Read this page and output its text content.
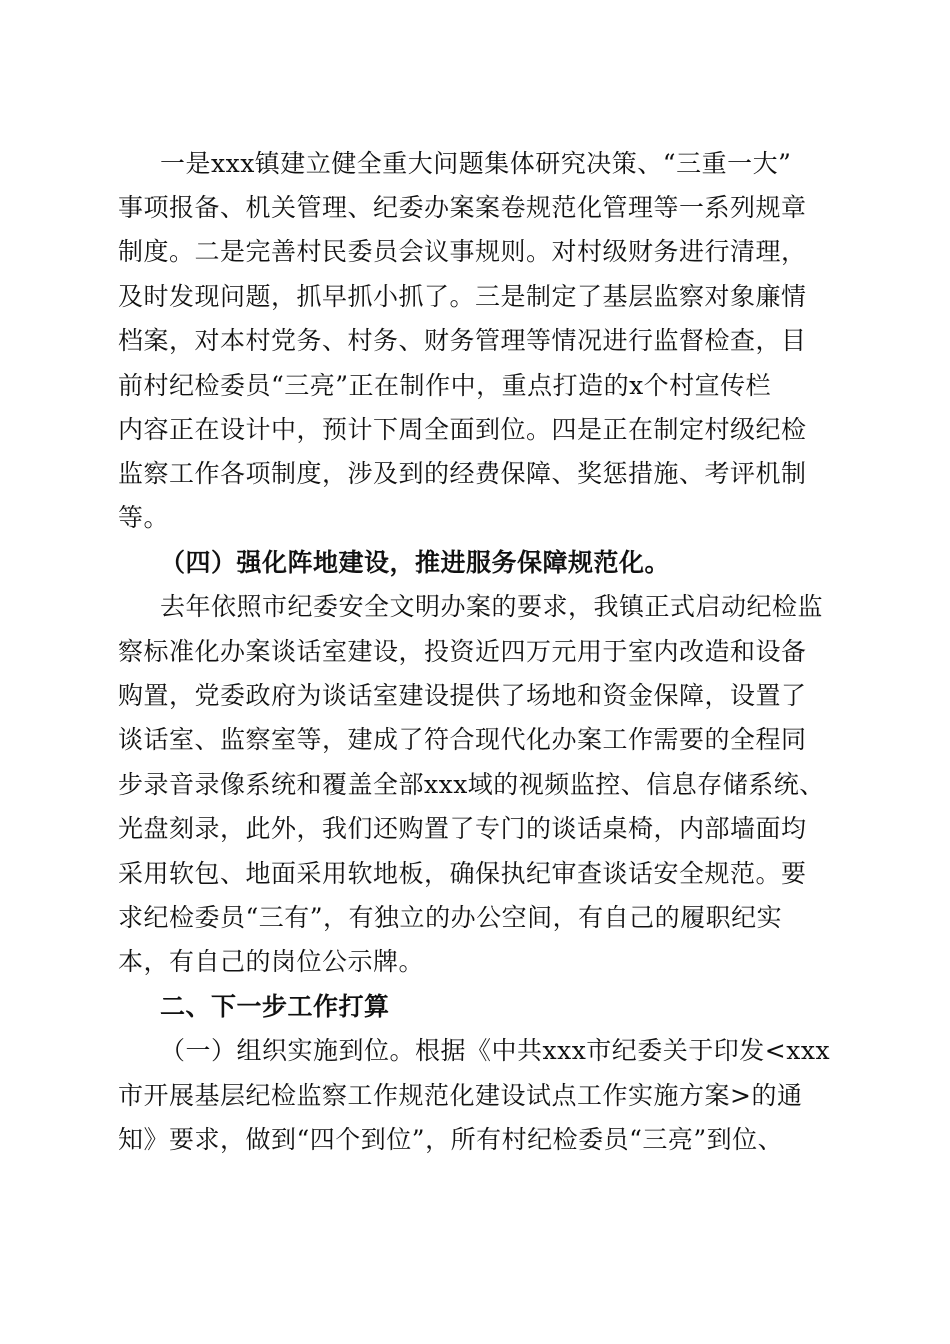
一是xxx镇建立健全重大问题集体研究决策、“三重一大”
事项报备、机关管理、纪委办案案卷规范化管理等一系列规章
制度。二是完善村民委员会议事规则。对村级财务进行清理，
及时发现问题，抓早抓小抓了。三是制定了基层监察对象廉情
档案，对本村党务、村务、财务管理等情况进行监督检查，目
前村纪检委员“三亮”正在制作中，重点打造的x个村宣传栏
内容正在设计中，预计下周全面到位。四是正在制定村级纪检
监察工作各项制度，涉及到的经费保障、奖惩措施、考评机制
等。
（四）强化阵地建设，推进服务保障规范化。
去年依照市纪委安全文明办案的要求，我镇正式启动纪检监
察标准化办案谈话室建设，投资近四万元用于室内改造和设备
购置，党委政府为谈话室建设提供了场地和资金保障，设置了
谈话室、监察室等，建成了符合现代化办案工作需要的全程同
步录音录像系统和覆盖全部xxx域的视频监控、信息存储系统、
光盘刻录，此外，我们还购置了专门的谈话桌椅，内部墙面均
采用软包、地面采用软地板，确保执纪审查谈话安全规范。要
求纪检委员“三有”，有独立的办公空间，有自己的履职纪实
本，有自己的岗位公示牌。
二、下一步工作打算
（一）组织实施到位。根据《中共xxx市纪委关于印发<xxx
市开展基层纪检监察工作规范化建设试点工作实施方案>的通
知》要求，做到“四个到位”，所有村纪检委员“三亮”到位、
